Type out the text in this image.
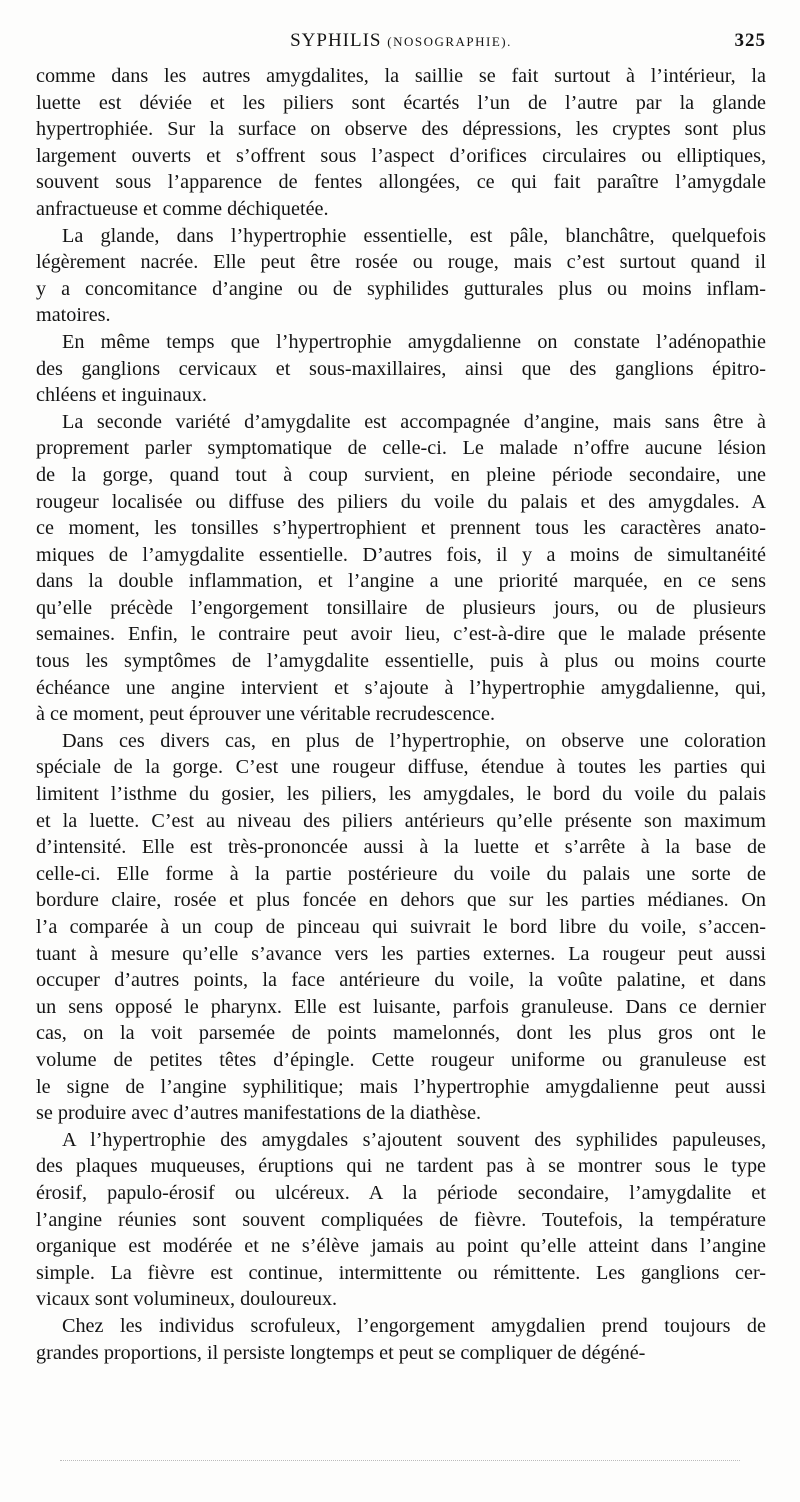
SYPHILIS (NOSOGRAPHIE).	325
comme dans les autres amygdalites, la saillie se fait surtout à l’intérieur, la
luette est déviée et les piliers sont écartés l’un de l’autre par la glande
hypertrophiée. Sur la surface on observe des dépressions, les cryptes sont plus
largement ouverts et s’offrent sous l’aspect d’orifices circulaires ou elliptiques,
souvent sous l’apparence de fentes allongées, ce qui fait paraître l’amygdale
anfractueuse et comme déchiquetée.
La glande, dans l’hypertrophie essentielle, est pâle, blanchâtre, quelquefois
légèrement nacrée. Elle peut être rosée ou rouge, mais c’est surtout quand il
y a concomitance d’angine ou de syphilides gutturales plus ou moins inflam-
matoires.
En même temps que l’hypertrophie amygdalienne on constate l’adénopathie
des ganglions cervicaux et sous-maxillaires, ainsi que des ganglions épitro-
chléens et inguinaux.
La seconde variété d’amygdalite est accompagnée d’angine, mais sans être à
proprement parler symptomatique de celle-ci. Le malade n’offre aucune lésion
de la gorge, quand tout à coup survient, en pleine période secondaire, une
rougeur localisée ou diffuse des piliers du voile du palais et des amygdales. A
ce moment, les tonsilles s’hypertrophient et prennent tous les caractères anato-
miques de l’amygdalite essentielle. D’autres fois, il y a moins de simultanéité
dans la double inflammation, et l’angine a une priorité marquée, en ce sens
qu’elle précède l’engorgement tonsillaire de plusieurs jours, ou de plusieurs
semaines. Enfin, le contraire peut avoir lieu, c’est-à-dire que le malade présente
tous les symptômes de l’amygdalite essentielle, puis à plus ou moins courte
échéance une angine intervient et s’ajoute à l’hypertrophie amygdalienne, qui,
à ce moment, peut éprouver une véritable recrudescence.
Dans ces divers cas, en plus de l’hypertrophie, on observe une coloration
spéciale de la gorge. C’est une rougeur diffuse, étendue à toutes les parties qui
limitent l’isthme du gosier, les piliers, les amygdales, le bord du voile du palais
et la luette. C’est au niveau des piliers antérieurs qu’elle présente son maximum
d’intensité. Elle est très-prononcée aussi à la luette et s’arrête à la base de
celle-ci. Elle forme à la partie postérieure du voile du palais une sorte de
bordure claire, rosée et plus foncée en dehors que sur les parties médianes. On
l’a comparée à un coup de pinceau qui suivrait le bord libre du voile, s’accen-
tuant à mesure qu’elle s’avance vers les parties externes. La rougeur peut aussi
occuper d’autres points, la face antérieure du voile, la voûte palatine, et dans
un sens opposé le pharynx. Elle est luisante, parfois granuleuse. Dans ce dernier
cas, on la voit parsemée de points mamelonnés, dont les plus gros ont le
volume de petites têtes d’épingle. Cette rougeur uniforme ou granuleuse est
le signe de l’angine syphilitique; mais l’hypertrophie amygdalienne peut aussi
se produire avec d’autres manifestations de la diathèse.
A l’hypertrophie des amygdales s’ajoutent souvent des syphilides papuleuses,
des plaques muqueuses, éruptions qui ne tardent pas à se montrer sous le type
érosif, papulo-érosif ou ulcéreux. A la période secondaire, l’amygdalite et
l’angine réunies sont souvent compliquées de fièvre. Toutefois, la température
organique est modérée et ne s’élève jamais au point qu’elle atteint dans l’angine
simple. La fièvre est continue, intermittente ou rémittente. Les ganglions cer-
vicaux sont volumineux, douloureux.
Chez les individus scrofuleux, l’engorgement amygdalien prend toujours de
grandes proportions, il persiste longtemps et peut se compliquer de dégéné-
